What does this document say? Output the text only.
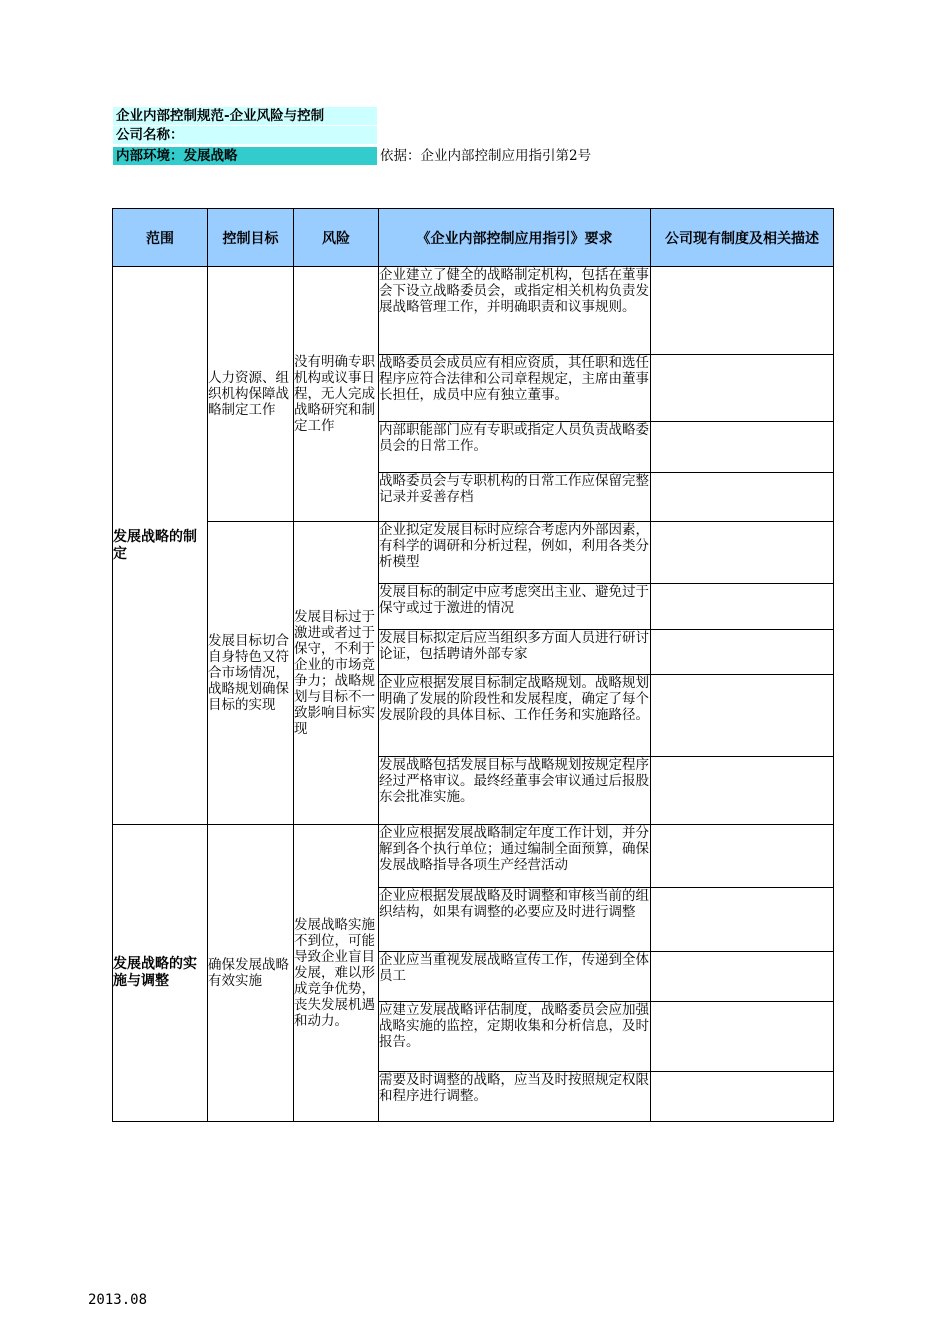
企业内部控制规范-企业风险与控制
公司名称：
内部环境：发展战略	依据：企业内部控制应用指引第2号
范围	控制目标	风险	《企业内部控制应用指引》要求	公司现有制度及相关描述
发展战略的制定	人力资源、组织机构保障战略制定工作	没有明确专职机构或议事日程，无人完成战略研究和制定工作	企业建立了健全的战略制定机构，包括在董事会下设立战略委员会，或指定相关机构负责发展战略管理工作，并明确职责和议事规则。	
			战略委员会成员应有相应资质，其任职和选任程序应符合法律和公司章程规定，主席由董事长担任，成员中应有独立董事。	
			内部职能部门应有专职或指定人员负责战略委员会的日常工作。	
			战略委员会与专职机构的日常工作应保留完整记录并妥善存档	
	发展目标切合自身特色又符合市场情况，战略规划确保目标的实现	发展目标过于激进或者过于保守，不利于企业的市场竞争力；战略规划与目标不一致影响目标实现	企业拟定发展目标时应综合考虑内外部因素，有科学的调研和分析过程，例如，利用各类分析模型	
			发展目标的制定中应考虑突出主业、避免过于保守或过于激进的情况	
			发展目标拟定后应当组织多方面人员进行研讨论证，包括聘请外部专家	
			企业应根据发展目标制定战略规划。战略规划明确了发展的阶段性和发展程度，确定了每个发展阶段的具体目标、工作任务和实施路径。	
			发展战略包括发展目标与战略规划按规定程序经过严格审议。最终经董事会审议通过后报股东会批准实施。	
发展战略的实施与调整	确保发展战略有效实施	发展战略实施不到位，可能导致企业盲目发展，难以形成竞争优势，丧失发展机遇和动力。	企业应根据发展战略制定年度工作计划，并分解到各个执行单位；通过编制全面预算，确保发展战略指导各项生产经营活动	
			企业应根据发展战略及时调整和审核当前的组织结构，如果有调整的必要应及时进行调整	
			企业应当重视发展战略宣传工作，传递到全体员工	
			应建立发展战略评估制度，战略委员会应加强战略实施的监控，定期收集和分析信息，及时报告。	
			需要及时调整的战略，应当及时按照规定权限和程序进行调整。	
2013.08
